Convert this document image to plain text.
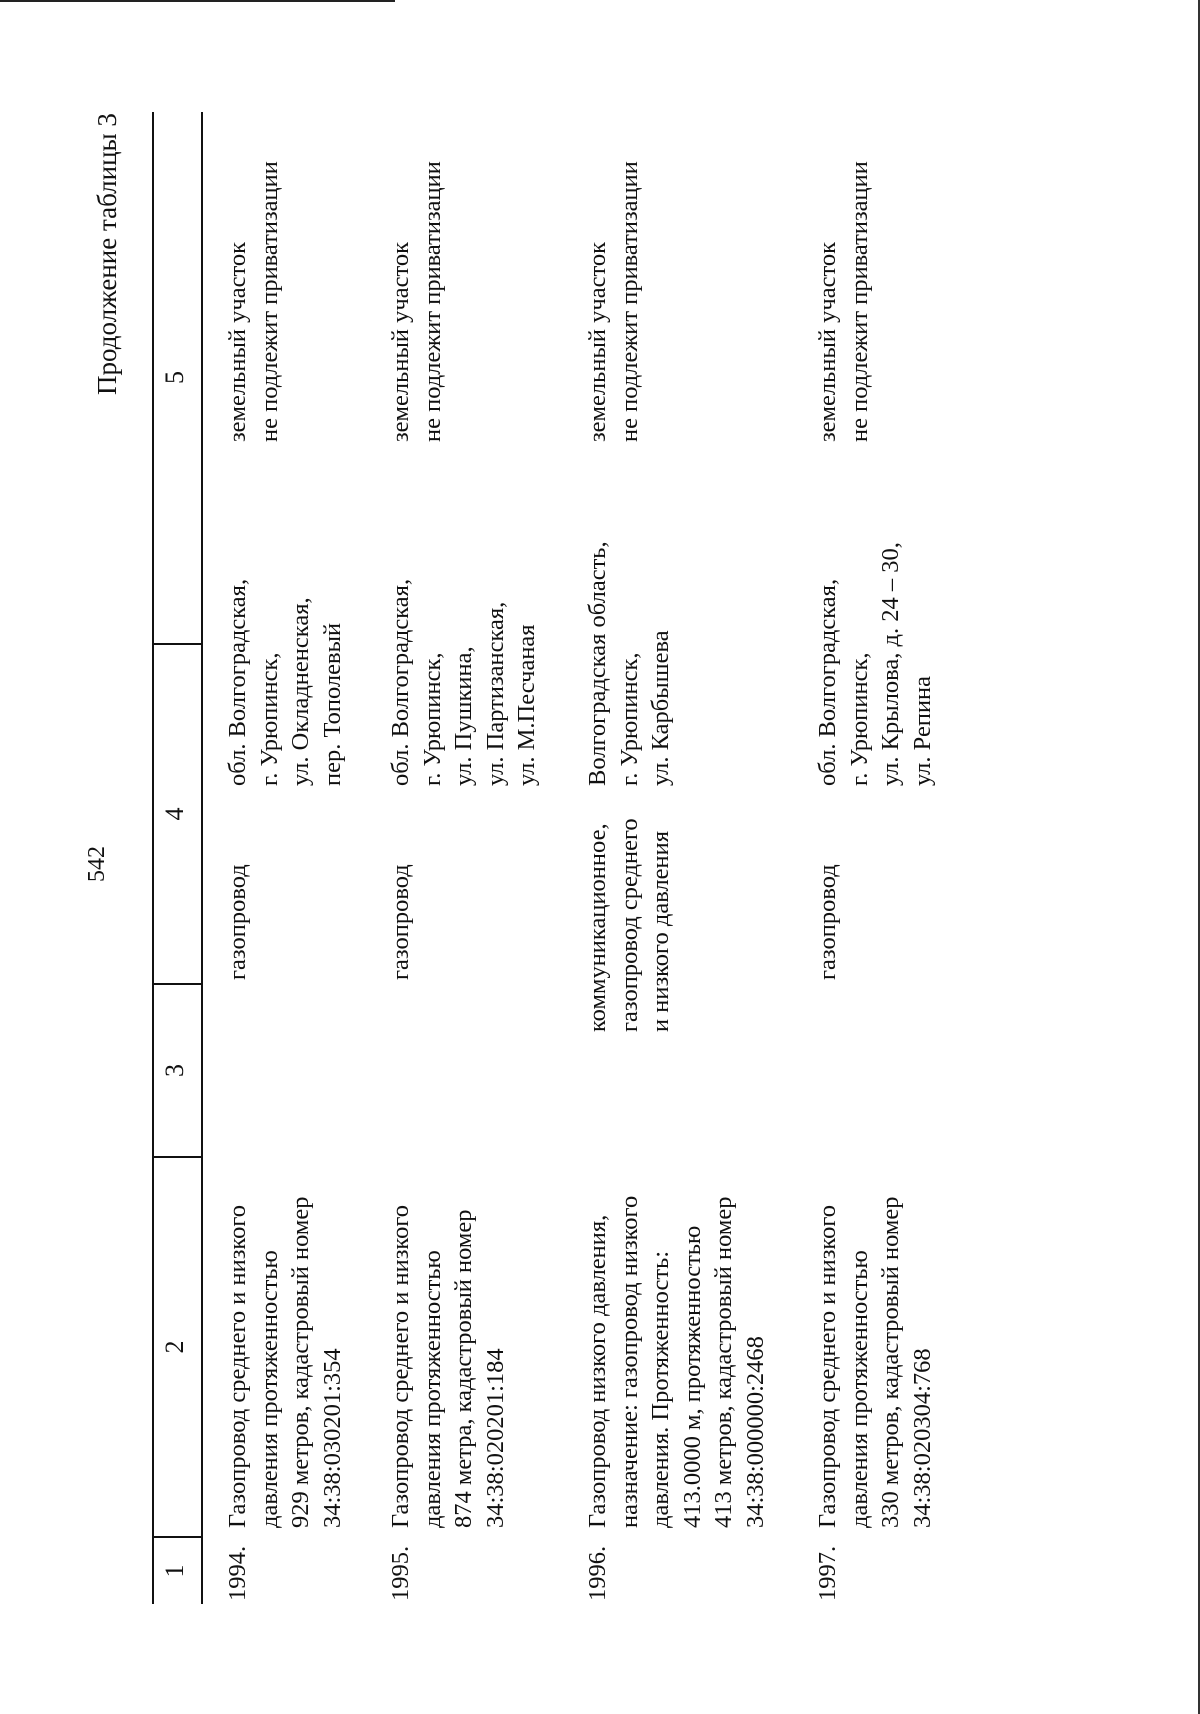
542
Продолжение таблицы 3
1
2
3
4
5
1994.
Газопровод среднего и низкого давления протяженностью 929 метров, кадастровый номер 34:38:030201:354
газопровод
обл. Волгоградская, г. Урюпинск, ул. Окладненская, пер. Тополевый
земельный участок не подлежит приватизации
1995.
Газопровод среднего и низкого давления протяженностью 874 метра, кадастровый номер 34:38:020201:184
газопровод
обл. Волгоградская, г. Урюпинск, ул. Пушкина, ул. Партизанская, ул. М.Песчаная
земельный участок не подлежит приватизации
1996.
Газопровод низкого давления, назначение: газопровод низкого давления. Протяженность: 413.0000 м, протяженностью 413 метров, кадастровый номер 34:38:000000:2468
коммуникационное, газопровод среднего и низкого давления
Волгоградская область, г. Урюпинск, ул. Карбышева
земельный участок не подлежит приватизации
1997.
Газопровод среднего и низкого давления протяженностью 330 метров, кадастровый номер 34:38:020304:768
газопровод
обл. Волгоградская, г. Урюпинск, ул. Крылова, д. 24 – 30, ул. Репина
земельный участок не подлежит приватизации
